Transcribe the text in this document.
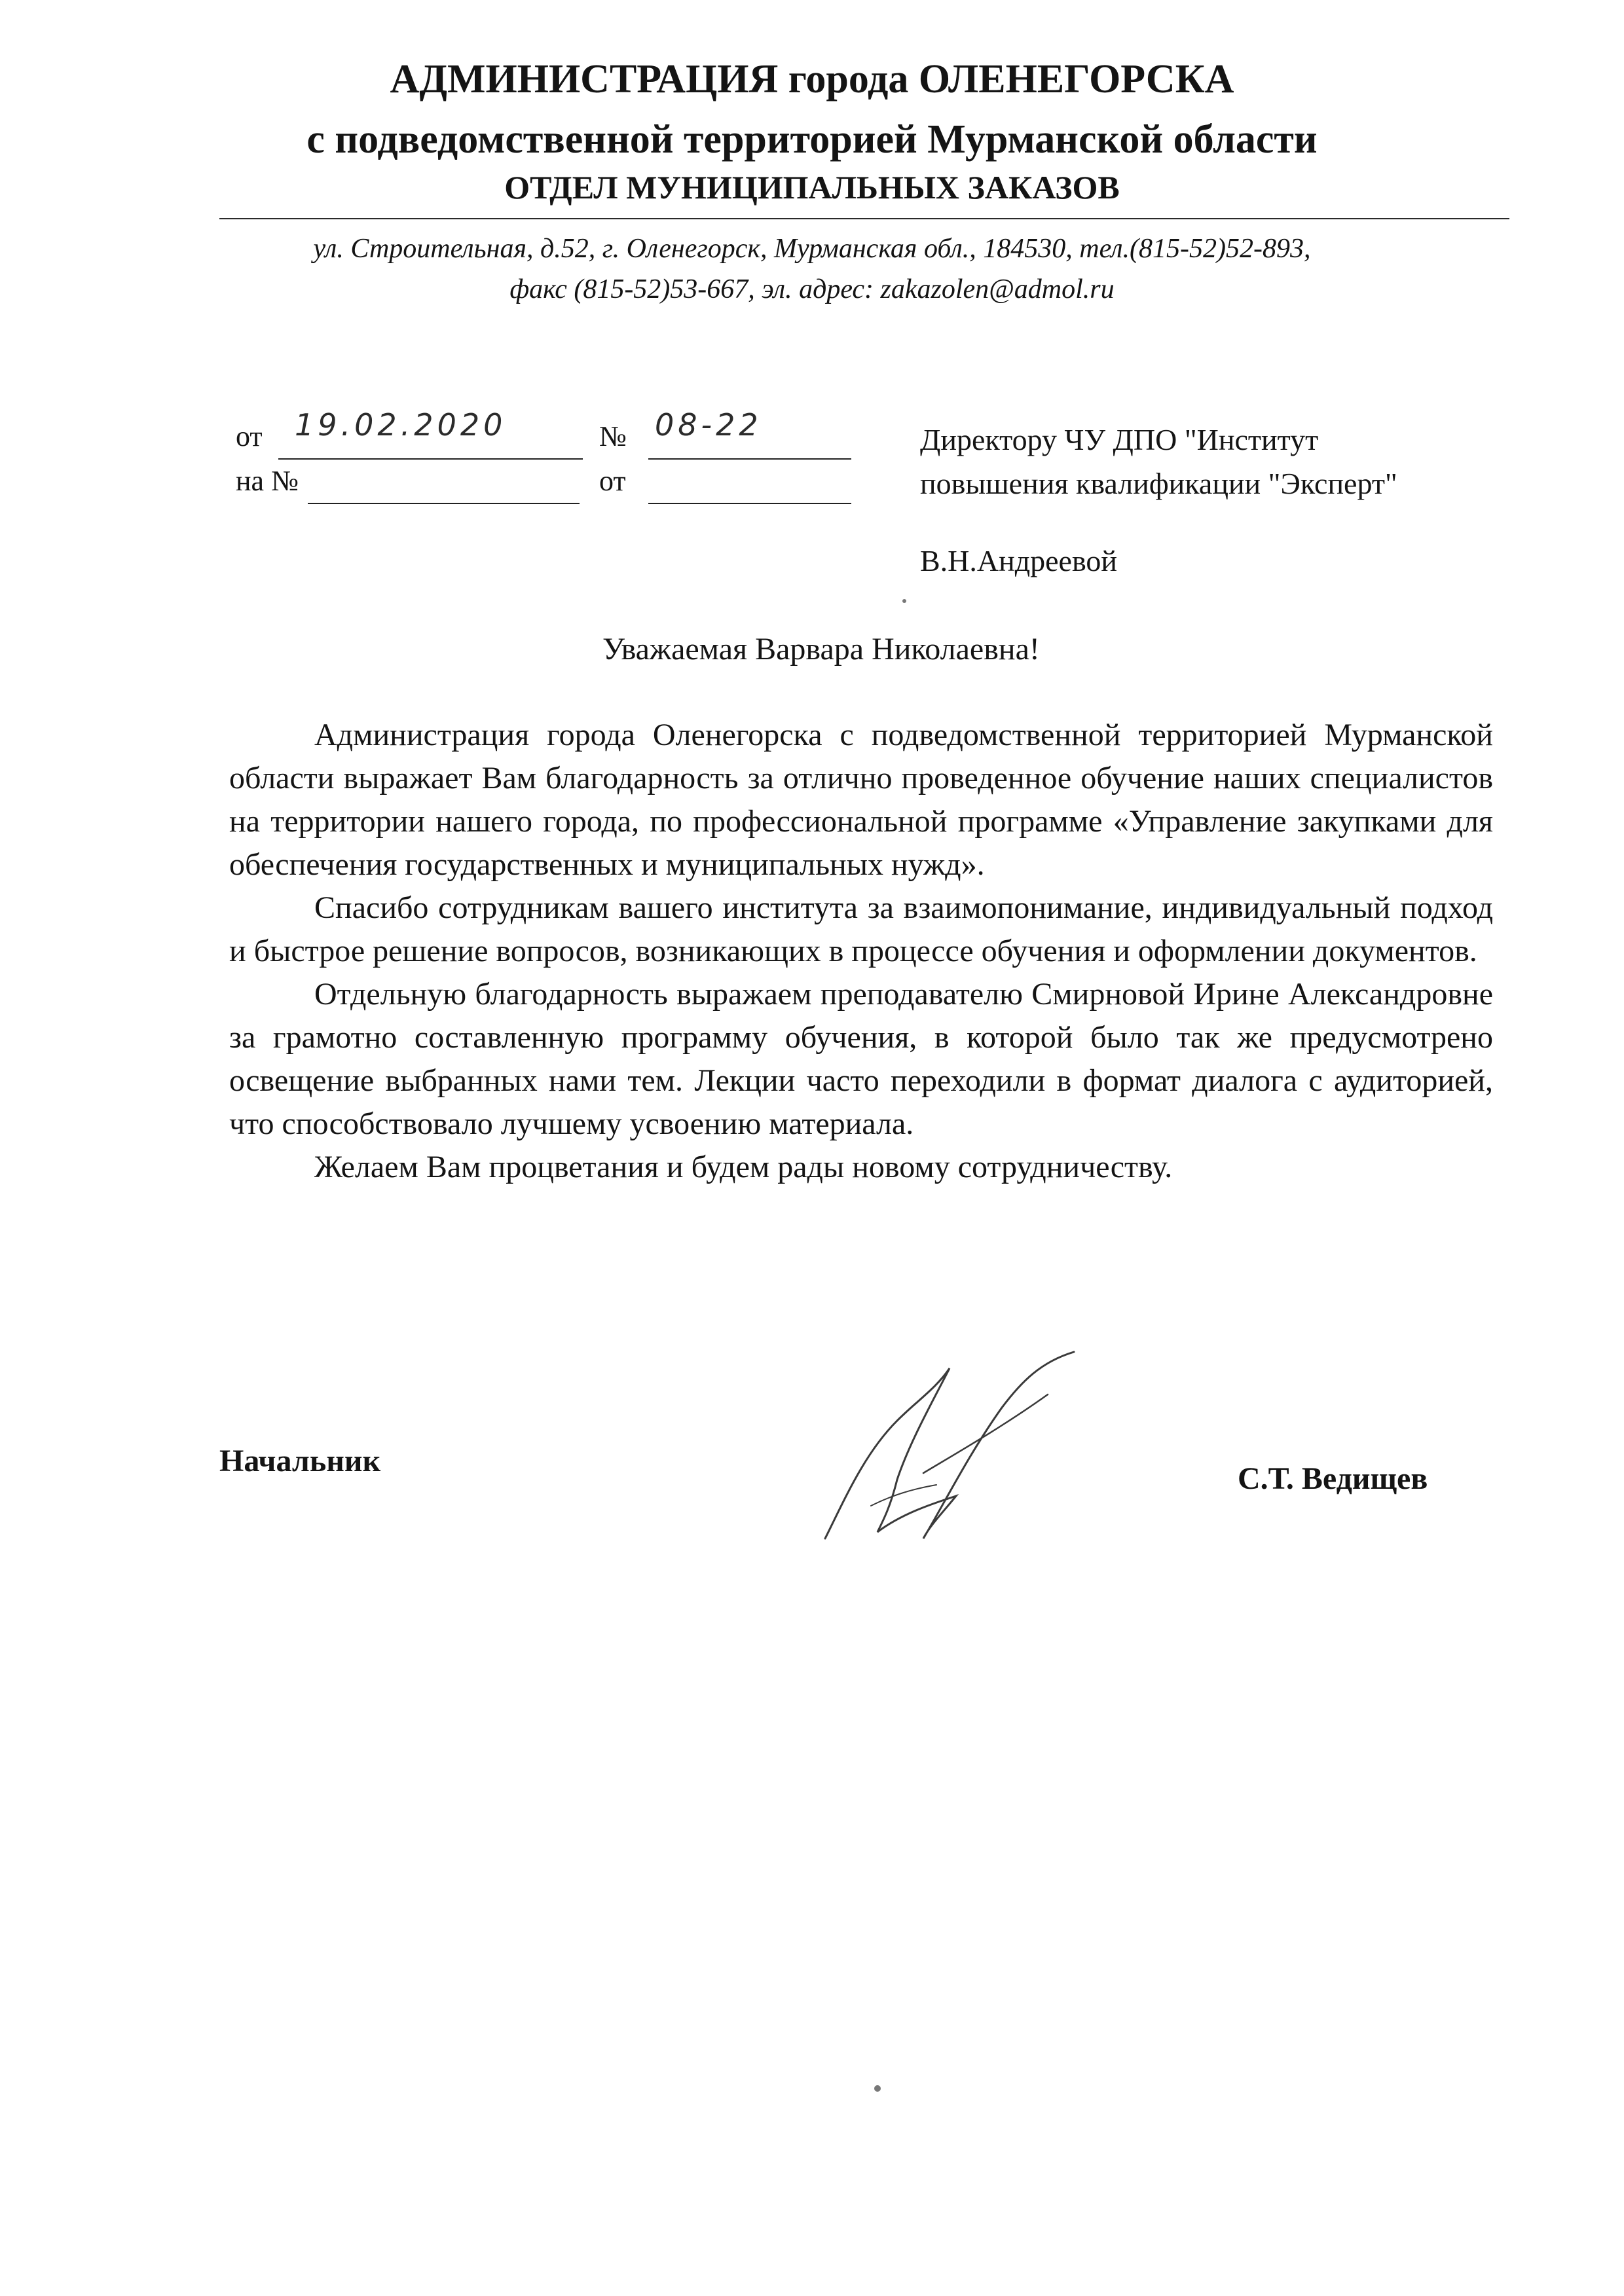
АДМИНИСТРАЦИЯ города ОЛЕНЕГОРСКА
с подведомственной территорией Мурманской области
ОТДЕЛ МУНИЦИПАЛЬНЫХ ЗАКАЗОВ
ул. Строительная, д.52, г. Оленегорск, Мурманская обл., 184530, тел.(815-52)52-893,
факс (815-52)53-667, эл. адрес: zakazolen@admol.ru
от 19.02.2020	№ 08-22
на №	от
Директору ЧУ ДПО "Институт
повышения квалификации "Эксперт"
В.Н.Андреевой
Уважаемая Варвара Николаевна!

Администрация города Оленегорска с подведомственной территорией Мурманской области выражает Вам благодарность за отлично проведенное обучение наших специалистов на территории нашего города, по профессиональной программе «Управление закупками для обеспечения государственных и муниципальных нужд».

Спасибо сотрудникам вашего института за взаимопонимание, индивидуальный подход и быстрое решение вопросов, возникающих в процессе обучения и оформлении документов.

Отдельную благодарность выражаем преподавателю Смирновой Ирине Александровне за грамотно составленную программу обучения, в которой было так же предусмотрено освещение выбранных нами тем. Лекции часто переходили в формат диалога с аудиторией, что способствовало лучшему усвоению материала.

Желаем Вам процветания и будем рады новому сотрудничеству.

Начальник
С.Т. Ведищев
